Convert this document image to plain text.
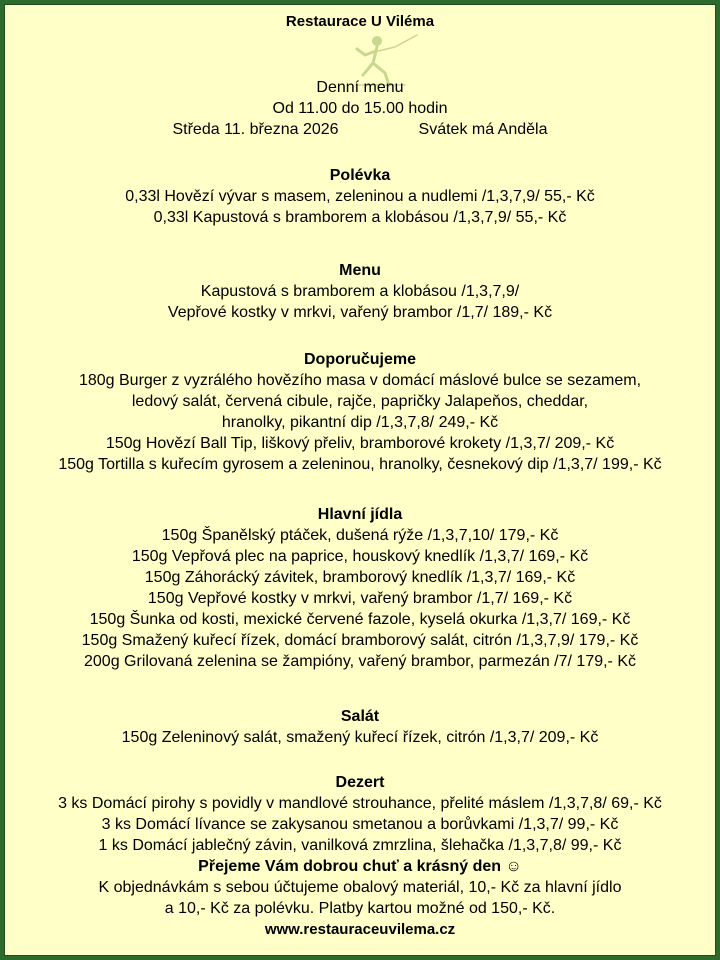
Restaurace U Viléma
Denní menu
Od 11.00 do 15.00 hodin
Středa 11. března 2026	Svátek má Anděla
Polévka
0,33l Hovězí vývar s masem, zeleninou a nudlemi /1,3,7,9/ 55,- Kč
0,33l Kapustová s bramborem a klobásou /1,3,7,9/ 55,- Kč
Menu
Kapustová s bramborem a klobásou /1,3,7,9/
Vepřové kostky v mrkvi, vařený brambor /1,7/ 189,- Kč
Doporučujeme
180g Burger z vyzrálého hovězího masa v domácí máslové bulce se sezamem,
ledový salát, červená cibule, rajče, papričky Jalapeňos, cheddar,
hranolky, pikantní dip /1,3,7,8/ 249,- Kč
150g Hovězí Ball Tip, liškový přeliv, bramborové krokety /1,3,7/ 209,- Kč
150g Tortilla s kuřecím gyrosem a zeleninou, hranolky, česnekový dip /1,3,7/ 199,- Kč
Hlavní jídla
150g Španělský ptáček, dušená rýže /1,3,7,10/ 179,- Kč
150g Vepřová plec na paprice, houskový knedlík /1,3,7/ 169,- Kč
150g Záhorácký závitek, bramborový knedlík /1,3,7/ 169,- Kč
150g Vepřové kostky v mrkvi, vařený brambor /1,7/ 169,- Kč
150g Šunka od kosti, mexické červené fazole, kyselá okurka /1,3,7/ 169,- Kč
150g Smažený kuřecí řízek, domácí bramborový salát, citrón /1,3,7,9/ 179,- Kč
200g Grilovaná zelenina se žampióny, vařený brambor, parmezán /7/ 179,- Kč
Salát
150g Zeleninový salát, smažený kuřecí řízek, citrón /1,3,7/ 209,- Kč
Dezert
3 ks Domácí pirohy s povidly v mandlové strouhance, přelité máslem /1,3,7,8/ 69,- Kč
3 ks Domácí lívance se zakysanou smetanou a borůvkami /1,3,7/ 99,- Kč
1 ks Domácí jablečný závin, vanilková zmrzlina, šlehačka /1,3,7,8/ 99,- Kč
Přejeme Vám dobrou chuť a krásný den ☺
K objednávkám s sebou účtujeme obalový materiál, 10,- Kč za hlavní jídlo
a 10,- Kč za polévku. Platby kartou možné od 150,- Kč.
www.restauraceuvilema.cz
